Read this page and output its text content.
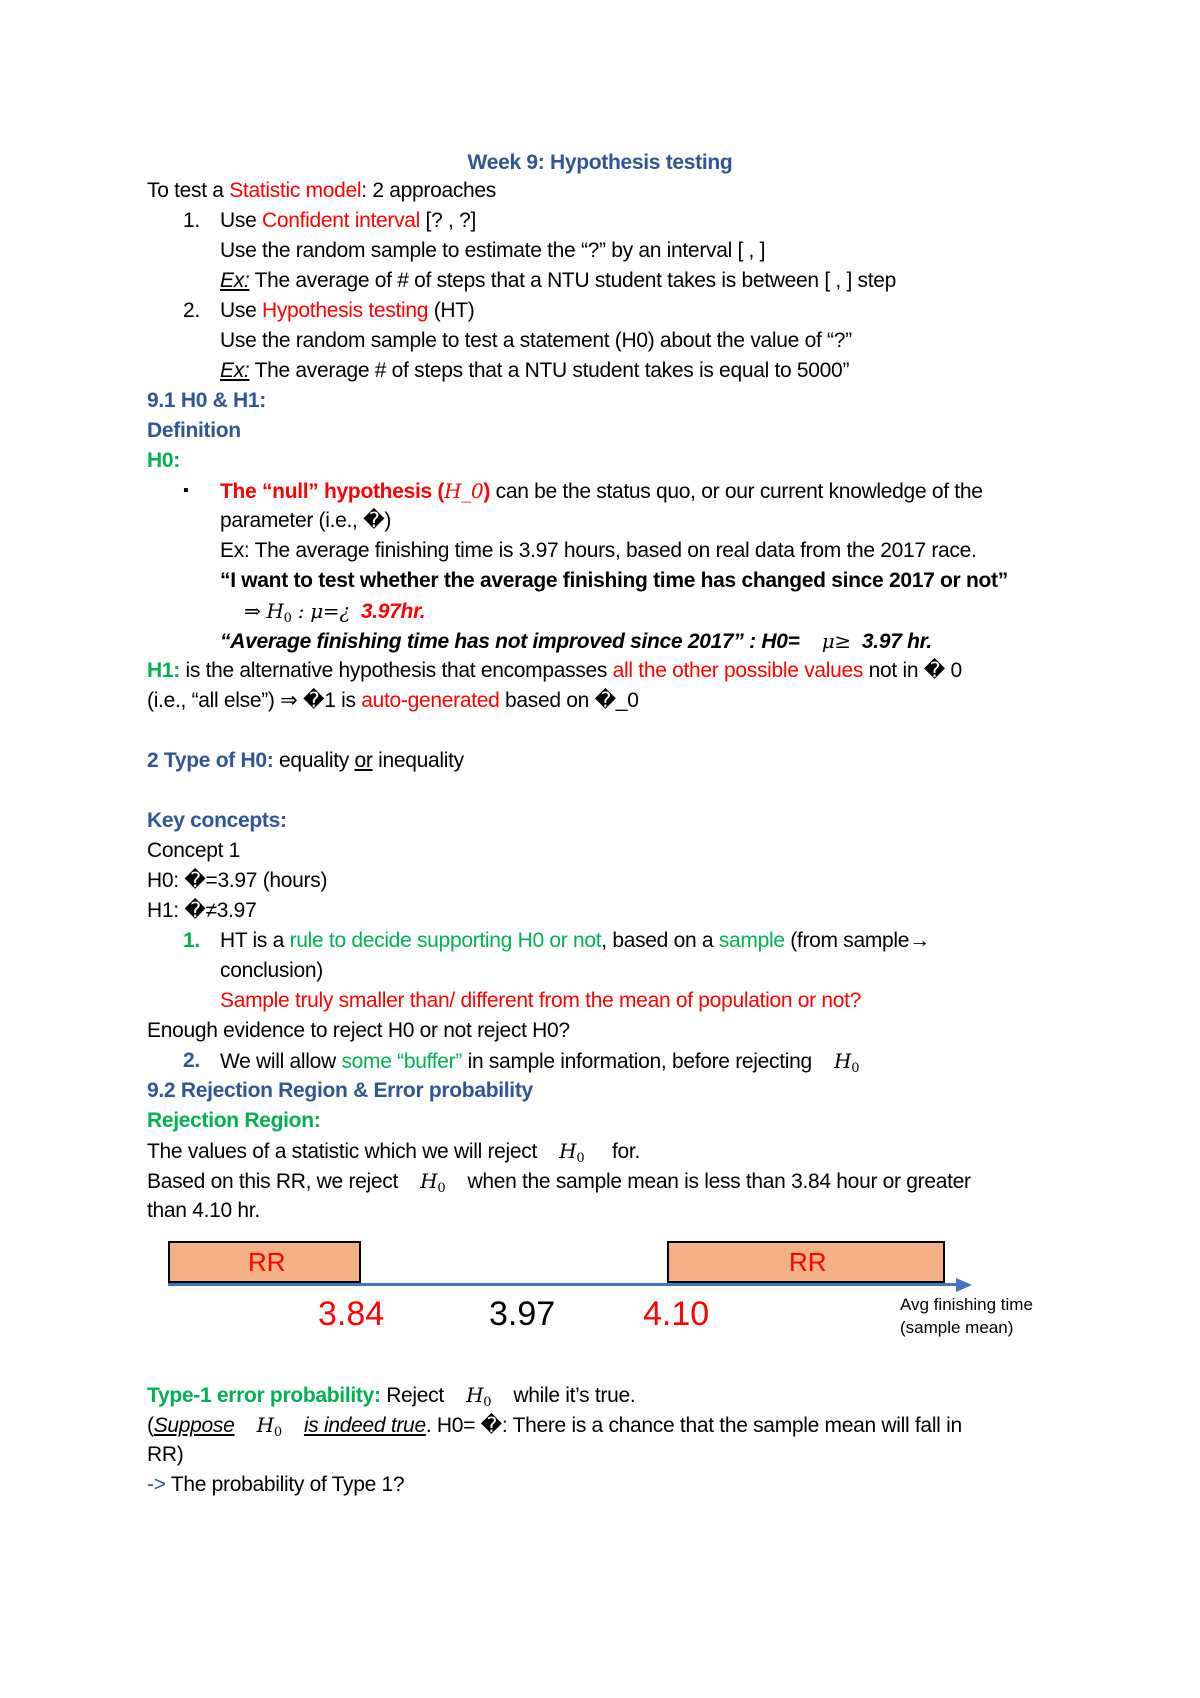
Week 9: Hypothesis testing
To test a Statistic model: 2 approaches
1. Use Confident interval [? , ?]
Use the random sample to estimate the “?” by an interval [ , ]
Ex: The average of # of steps that a NTU student takes is between [ , ] step
2. Use Hypothesis testing (HT)
Use the random sample to test a statement (H0) about the value of “?”
Ex: The average # of steps that a NTU student takes is equal to 5000”
9.1 H0 & H1:
Definition
H0:
▪ The “null” hypothesis (H_0) can be the status quo, or our current knowledge of the
parameter (i.e., �)
Ex: The average finishing time is 3.97 hours, based on real data from the 2017 race.
“I want to test whether the average finishing time has changed since 2017 or not”
⇒ $H_0$ : μ=¿ 3.97hr.
“Average finishing time has not improved since 2017” : H0= μ≥ 3.97 hr.
H1: is the alternative hypothesis that encompasses all the other possible values not in � 0
(i.e., “all else”) ⇒ �1 is auto-generated based on �_0
2 Type of H0: equality or inequality
Key concepts:
Concept 1
H0: �=3.97 (hours)
H1: �≠3.97
1. HT is a rule to decide supporting H0 or not, based on a sample (from sample→
conclusion)
Sample truly smaller than/ different from the mean of population or not?
Enough evidence to reject H0 or not reject H0?
2. We will allow some “buffer” in sample information, before rejecting $H_0$
9.2 Rejection Region & Error probability
Rejection Region:
The values of a statistic which we will reject $H_0$ for.
Based on this RR, we reject $H_0$ when the sample mean is less than 3.84 hour or greater
than 4.10 hr.
RR	RR
3.84	3.97	4.10	Avg finishing time
(sample mean)
Type-1 error probability: Reject $H_0$ while it’s true.
(Suppose $H_0$ is indeed true. H0= �: There is a chance that the sample mean will fall in
RR)
-> The probability of Type 1?
